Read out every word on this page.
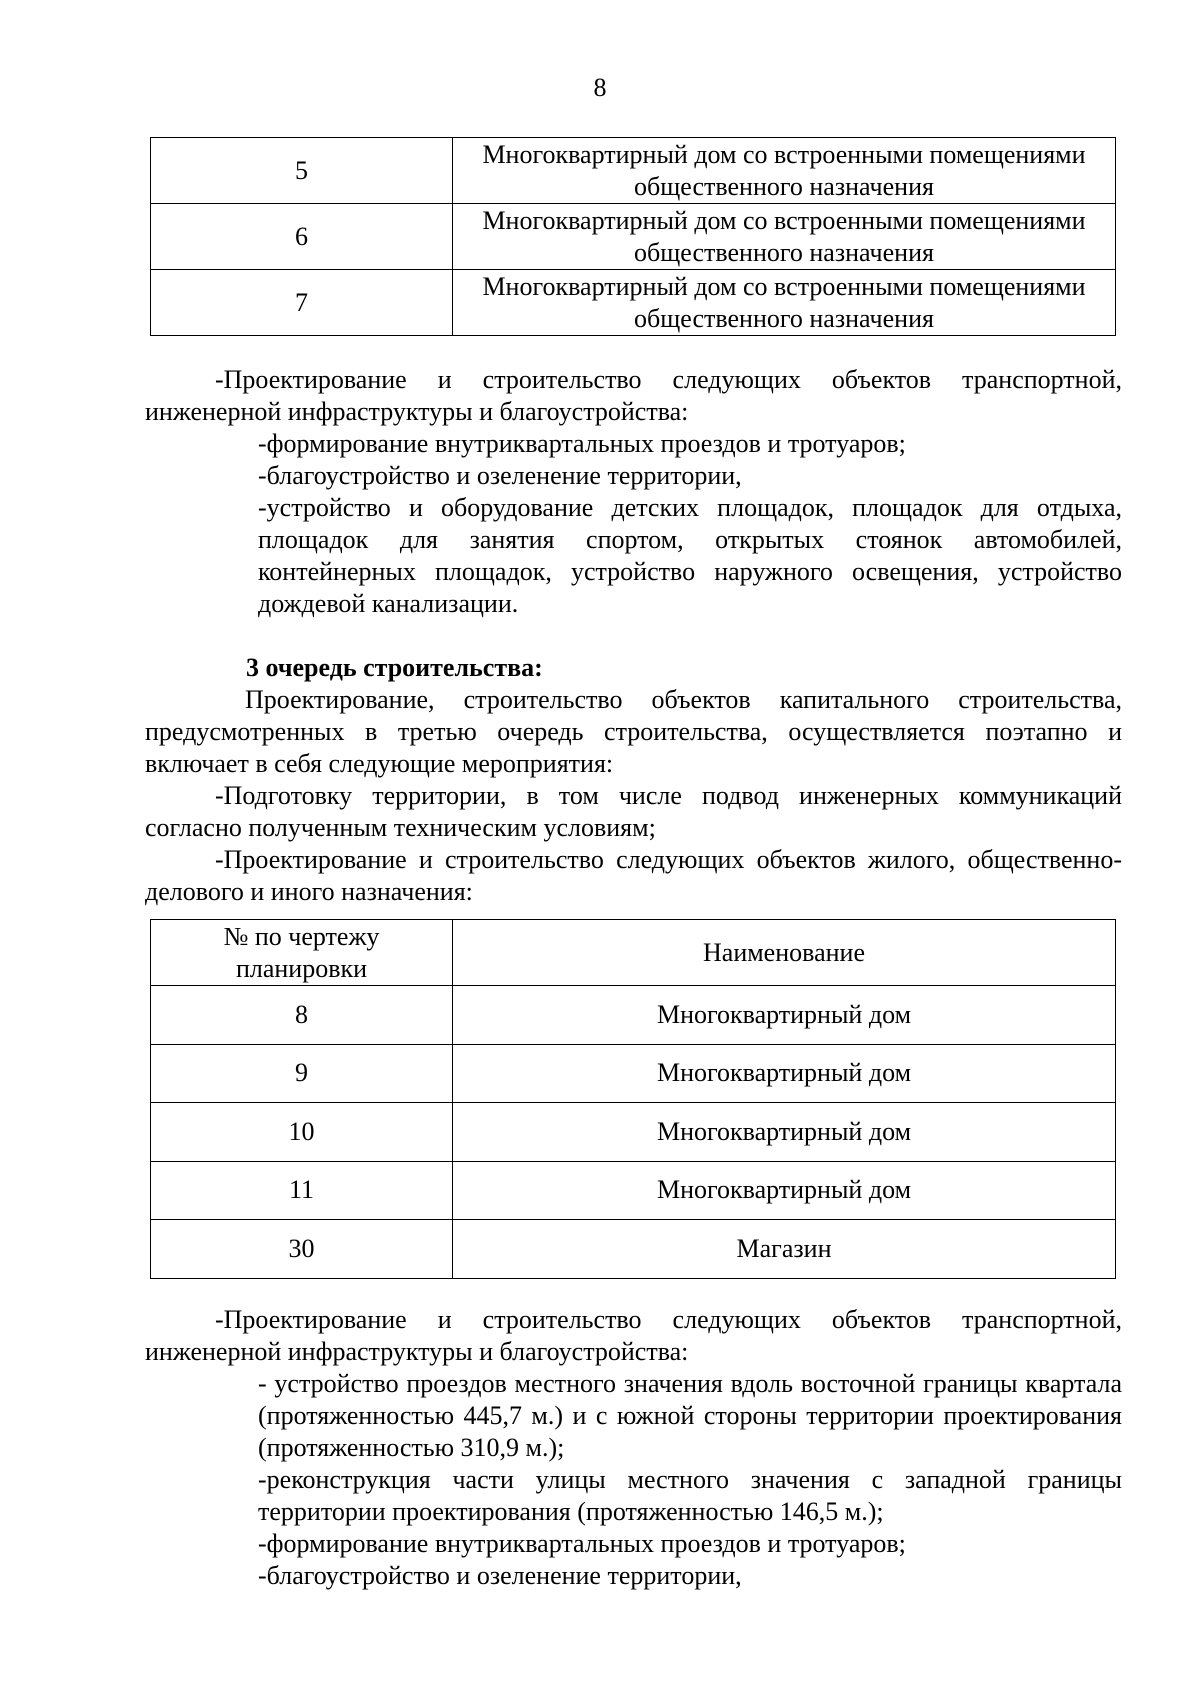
8
5	Многоквартирный дом со встроенными помещениями общественного назначения
6	Многоквартирный дом со встроенными помещениями общественного назначения
7	Многоквартирный дом со встроенными помещениями общественного назначения

-Проектирование и строительство следующих объектов транспортной, инженерной инфраструктуры и благоустройства:

-формирование внутриквартальных проездов и тротуаров;

-благоустройство и озеленение территории,

-устройство и оборудование детских площадок, площадок для отдыха, площадок для занятия спортом, открытых стоянок автомобилей, контейнерных площадок, устройство наружного освещения, устройство дождевой канализации.

3 очередь строительства:

Проектирование, строительство объектов капитального строительства, предусмотренных в третью очередь строительства, осуществляется поэтапно и включает в себя следующие мероприятия:

-Подготовку территории, в том числе подвод инженерных коммуникаций согласно полученным техническим условиям;

-Проектирование и строительство следующих объектов жилого, общественно-делового и иного назначения:

№ по чертежу планировки	Наименование
8	Многоквартирный дом
9	Многоквартирный дом
10	Многоквартирный дом
11	Многоквартирный дом
30	Магазин

-Проектирование и строительство следующих объектов транспортной, инженерной инфраструктуры и благоустройства:

- устройство проездов местного значения вдоль восточной границы квартала (протяженностью 445,7 м.) и с южной стороны территории проектирования (протяженностью 310,9 м.);

-реконструкция части улицы местного значения с западной границы территории проектирования (протяженностью 146,5 м.);

-формирование внутриквартальных проездов и тротуаров;

-благоустройство и озеленение территории,
